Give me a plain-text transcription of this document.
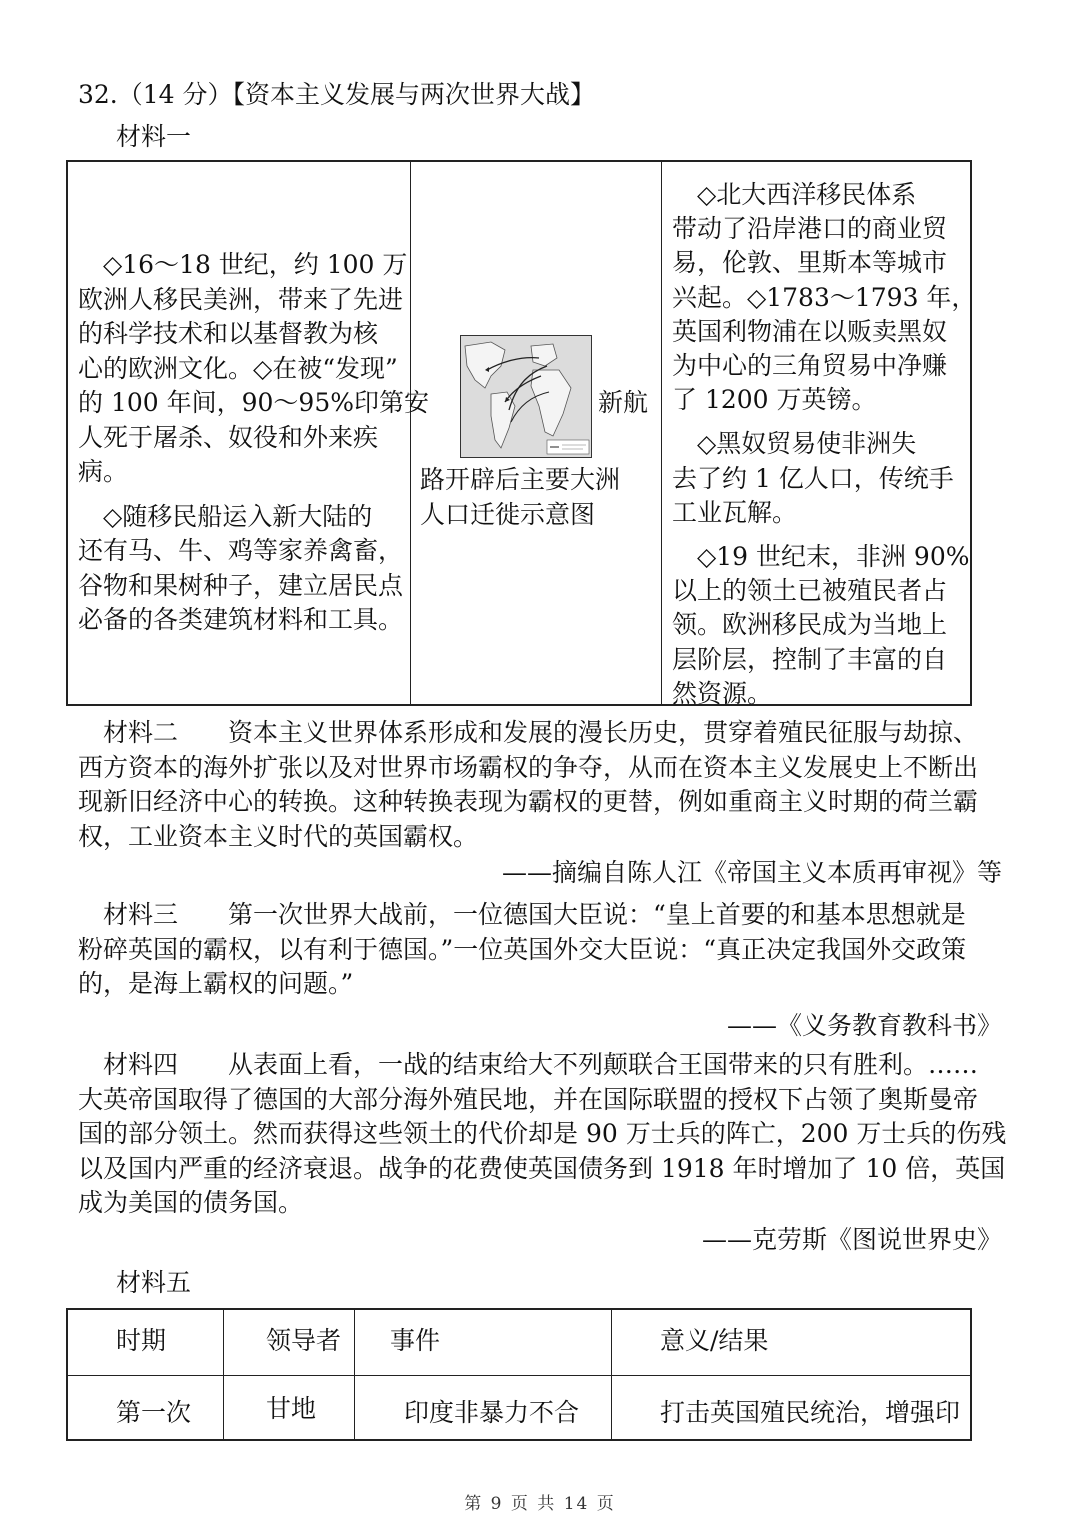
32.（14 分）【资本主义发展与两次世界大战】
材料一
　◇16～18 世纪，约 100 万
欧洲人移民美洲，带来了先进
的科学技术和以基督教为核
心的欧洲文化。◇在被“发现”
的 100 年间，90～95%印第安
人死于屠杀、奴役和外来疾
病。
　◇随移民船运入新大陆的
还有马、牛、鸡等家养禽畜，
谷物和果树种子，建立居民点
必备的各类建筑材料和工具。
新航
路开辟后主要大洲
人口迁徙示意图
　◇北大西洋移民体系
带动了沿岸港口的商业贸
易，伦敦、里斯本等城市
兴起。◇1783～1793 年，
英国利物浦在以贩卖黑奴
为中心的三角贸易中净赚
了 1200 万英镑。
　◇黑奴贸易使非洲失
去了约 1 亿人口，传统手
工业瓦解。
　◇19 世纪末，非洲 90%
以上的领土已被殖民者占
领。欧洲移民成为当地上
层阶层，控制了丰富的自
然资源。
　材料二　　资本主义世界体系形成和发展的漫长历史，贯穿着殖民征服与劫掠、
西方资本的海外扩张以及对世界市场霸权的争夺，从而在资本主义发展史上不断出
现新旧经济中心的转换。这种转换表现为霸权的更替，例如重商主义时期的荷兰霸
权，工业资本主义时代的英国霸权。
——摘编自陈人江《帝国主义本质再审视》等
　材料三　　第一次世界大战前，一位德国大臣说：“皇上首要的和基本思想就是
粉碎英国的霸权，以有利于德国。”一位英国外交大臣说：“真正决定我国外交政策
的，是海上霸权的问题。”
——《义务教育教科书》
　材料四　　从表面上看，一战的结束给大不列颠联合王国带来的只有胜利。……
大英帝国取得了德国的大部分海外殖民地，并在国际联盟的授权下占领了奥斯曼帝
国的部分领土。然而获得这些领土的代价却是 90 万士兵的阵亡，200 万士兵的伤残
以及国内严重的经济衰退。战争的花费使英国债务到 1918 年时增加了 10 倍，英国
成为美国的债务国。
——克劳斯《图说世界史》
材料五
时期	领导者 事件	意义/结果
第一次	甘地	印度非暴力不合	打击英国殖民统治，增强印
第 9 页 共 14 页
